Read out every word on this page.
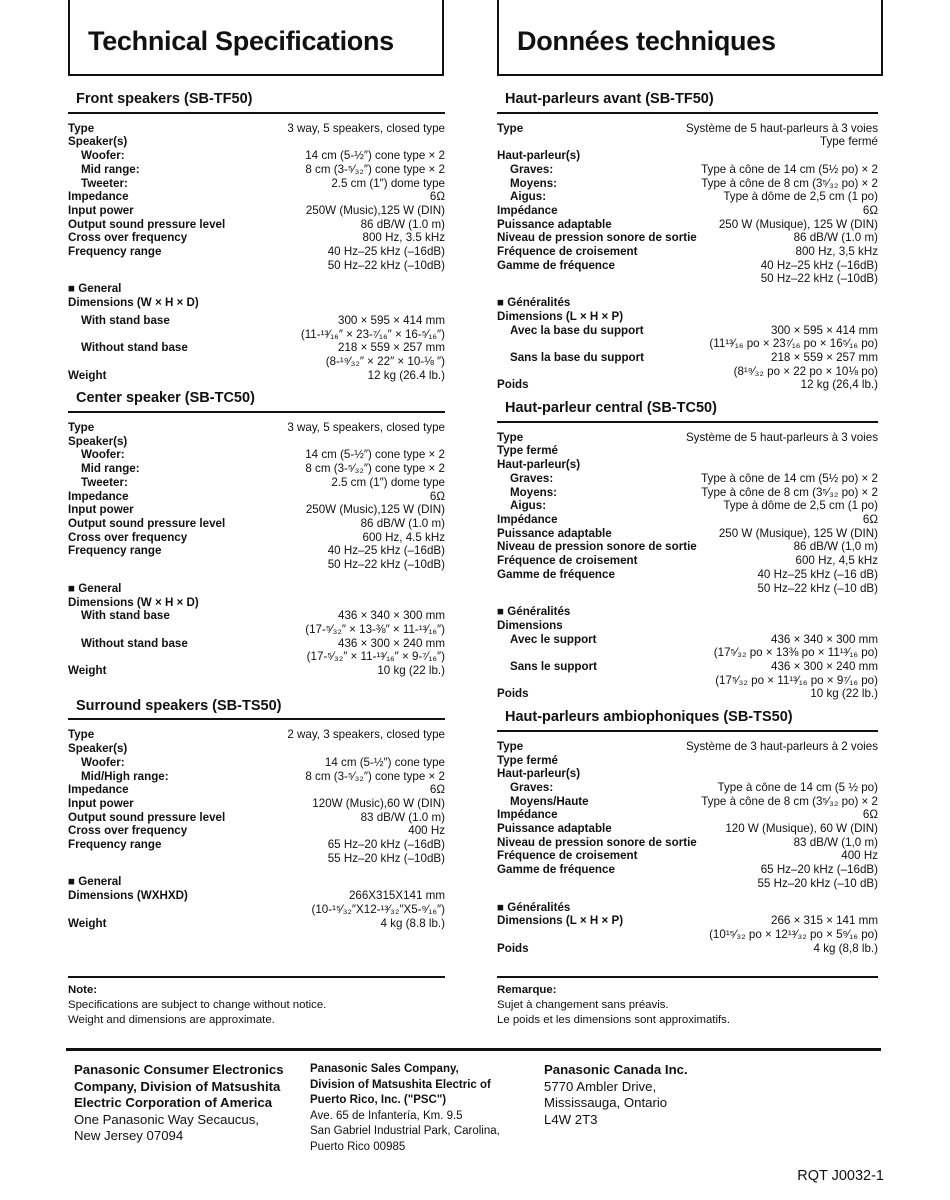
Technical Specifications	Données techniques
Front speakers (SB-TF50)
Type	3 way, 5 speakers, closed type
Speaker(s)
Woofer:	14 cm (5-½″) cone type × 2
Mid range:	8 cm (3-⁵⁄₃₂″) cone type × 2
Tweeter:	2.5 cm (1″) dome type
Impedance	6Ω
Input power	250W (Music),125 W (DIN)
Output sound pressure level	86 dB/W (1.0 m)
Cross over frequency	800 Hz, 3.5 kHz
Frequency range	40 Hz–25 kHz (–16dB)
50 Hz–22 kHz (–10dB)
■ General
Dimensions (W × H × D)
With stand base	300 × 595 × 414 mm
(11-¹³⁄₁₆″ × 23-⁷⁄₁₆″ × 16-⁵⁄₁₆″)
Without stand base	218 × 559 × 257 mm
(8-¹⁹⁄₃₂″ × 22″ × 10-⅛ ″)
Weight	12 kg (26.4 lb.)
Center speaker (SB-TC50)
Type	3 way, 5 speakers, closed type
Speaker(s)
Woofer:	14 cm (5-½″) cone type × 2
Mid range:	8 cm (3-⁵⁄₃₂″) cone type × 2
Tweeter:	2.5 cm (1″) dome type
Impedance	6Ω
Input power	250W (Music),125 W (DIN)
Output sound pressure level	86 dB/W (1.0 m)
Cross over frequency	600 Hz, 4.5 kHz
Frequency range	40 Hz–25 kHz (–16dB)
50 Hz–22 kHz (–10dB)
■ General
Dimensions (W × H × D)
With stand base	436 × 340 × 300 mm
(17-⁵⁄₃₂″ × 13-⅜″ × 11-¹³⁄₁₆″)
Without stand base	436 × 300 × 240 mm
(17-⁵⁄₃₂″ × 11-¹³⁄₁₆″ × 9-⁷⁄₁₆″)
Weight	10 kg (22 lb.)
Surround speakers (SB-TS50)
Type	2 way, 3 speakers, closed type
Speaker(s)
Woofer:	14 cm (5-½″) cone type
Mid/High range:	8 cm (3-⁵⁄₃₂″) cone type × 2
Impedance	6Ω
Input power	120W (Music),60 W (DIN)
Output sound pressure level	83 dB/W (1.0 m)
Cross over frequency	400 Hz
Frequency range	65 Hz–20 kHz (–16dB)
55 Hz–20 kHz (–10dB)
■ General
Dimensions (WXHXD)	266X315X141 mm
(10-¹⁵⁄₃₂″X12-¹³⁄₃₂″X5-⁹⁄₁₆″)
Weight	4 kg (8.8 lb.)
Note:
Specifications are subject to change without notice.
Weight and dimensions are approximate.
Haut-parleurs avant (SB-TF50)
Type	Système de 5 haut-parleurs à 3 voies
Type fermé
Haut-parleur(s)
Graves:	Type à cône de 14 cm (5½ po) × 2
Moyens:	Type à cône de 8 cm (3⁵⁄₃₂ po) × 2
Aigus:	Type à dôme de 2,5 cm (1 po)
Impédance	6Ω
Puissance adaptable	250 W (Musique), 125 W (DIN)
Niveau de pression sonore de sortie	86 dB/W (1.0 m)
Fréquence de croisement	800 Hz, 3,5 kHz
Gamme de fréquence	40 Hz–25 kHz (–16dB)
50 Hz–22 kHz (–10dB)
■ Généralités
Dimensions (L × H × P)
Avec la base du support	300 × 595 × 414 mm
(11¹³⁄₁₆ po × 23⁷⁄₁₆ po × 16⁵⁄₁₆ po)
Sans la base du support	218 × 559 × 257 mm
(8¹⁹⁄₃₂ po × 22 po × 10⅛ po)
Poids	12 kg (26,4 lb.)
Haut-parleur central (SB-TC50)
Type	Système de 5 haut-parleurs à 3 voies
Type fermé
Haut-parleur(s)
Graves:	Type à cône de 14 cm (5½ po) × 2
Moyens:	Type à cône de 8 cm (3⁵⁄₃₂ po) × 2
Aigus:	Type à dôme de 2,5 cm (1 po)
Impédance	6Ω
Puissance adaptable	250 W (Musique), 125 W (DIN)
Niveau de pression sonore de sortie	86 dB/W (1,0 m)
Fréquence de croisement	600 Hz, 4,5 kHz
Gamme de fréquence	40 Hz–25 kHz (–16 dB)
50 Hz–22 kHz (–10 dB)
■ Généralités
Dimensions
Avec le support	436 × 340 × 300 mm
(17⁵⁄₃₂ po × 13⅜ po × 11¹³⁄₁₆ po)
Sans le support	436 × 300 × 240 mm
(17⁵⁄₃₂ po × 11¹³⁄₁₆ po × 9⁷⁄₁₆ po)
Poids	10 kg (22 lb.)
Haut-parleurs ambiophoniques (SB-TS50)
Type	Système de 3 haut-parleurs à 2 voies
Type fermé
Haut-parleur(s)
Graves:	Type à cône de 14 cm (5 ½ po)
Moyens/Haute	Type à cône de 8 cm (3⁵⁄₃₂ po) × 2
Impédance	6Ω
Puissance adaptable	120 W (Musique), 60 W (DIN)
Niveau de pression sonore de sortie	83 dB/W (1,0 m)
Fréquence de croisement	400 Hz
Gamme de fréquence	65 Hz–20 kHz (–16dB)
55 Hz–20 kHz (–10 dB)
■ Généralités
Dimensions (L × H × P)	266 × 315 × 141 mm
(10¹⁵⁄₃₂ po × 12¹³⁄₃₂ po × 5⁹⁄₁₆ po)
Poids	4 kg (8,8 lb.)
Remarque:
Sujet à changement sans préavis.
Le poids et les dimensions sont approximatifs.
Panasonic Consumer Electronics
Company, Division of Matsushita
Electric Corporation of America
One Panasonic Way Secaucus,
New Jersey 07094
Panasonic Sales Company,
Division of Matsushita Electric of
Puerto Rico, Inc. ("PSC")
Ave. 65 de Infantería, Km. 9.5
San Gabriel Industrial Park, Carolina,
Puerto Rico 00985
Panasonic Canada Inc.
5770 Ambler Drive,
Mississauga, Ontario
L4W 2T3
RQT J0032-1
